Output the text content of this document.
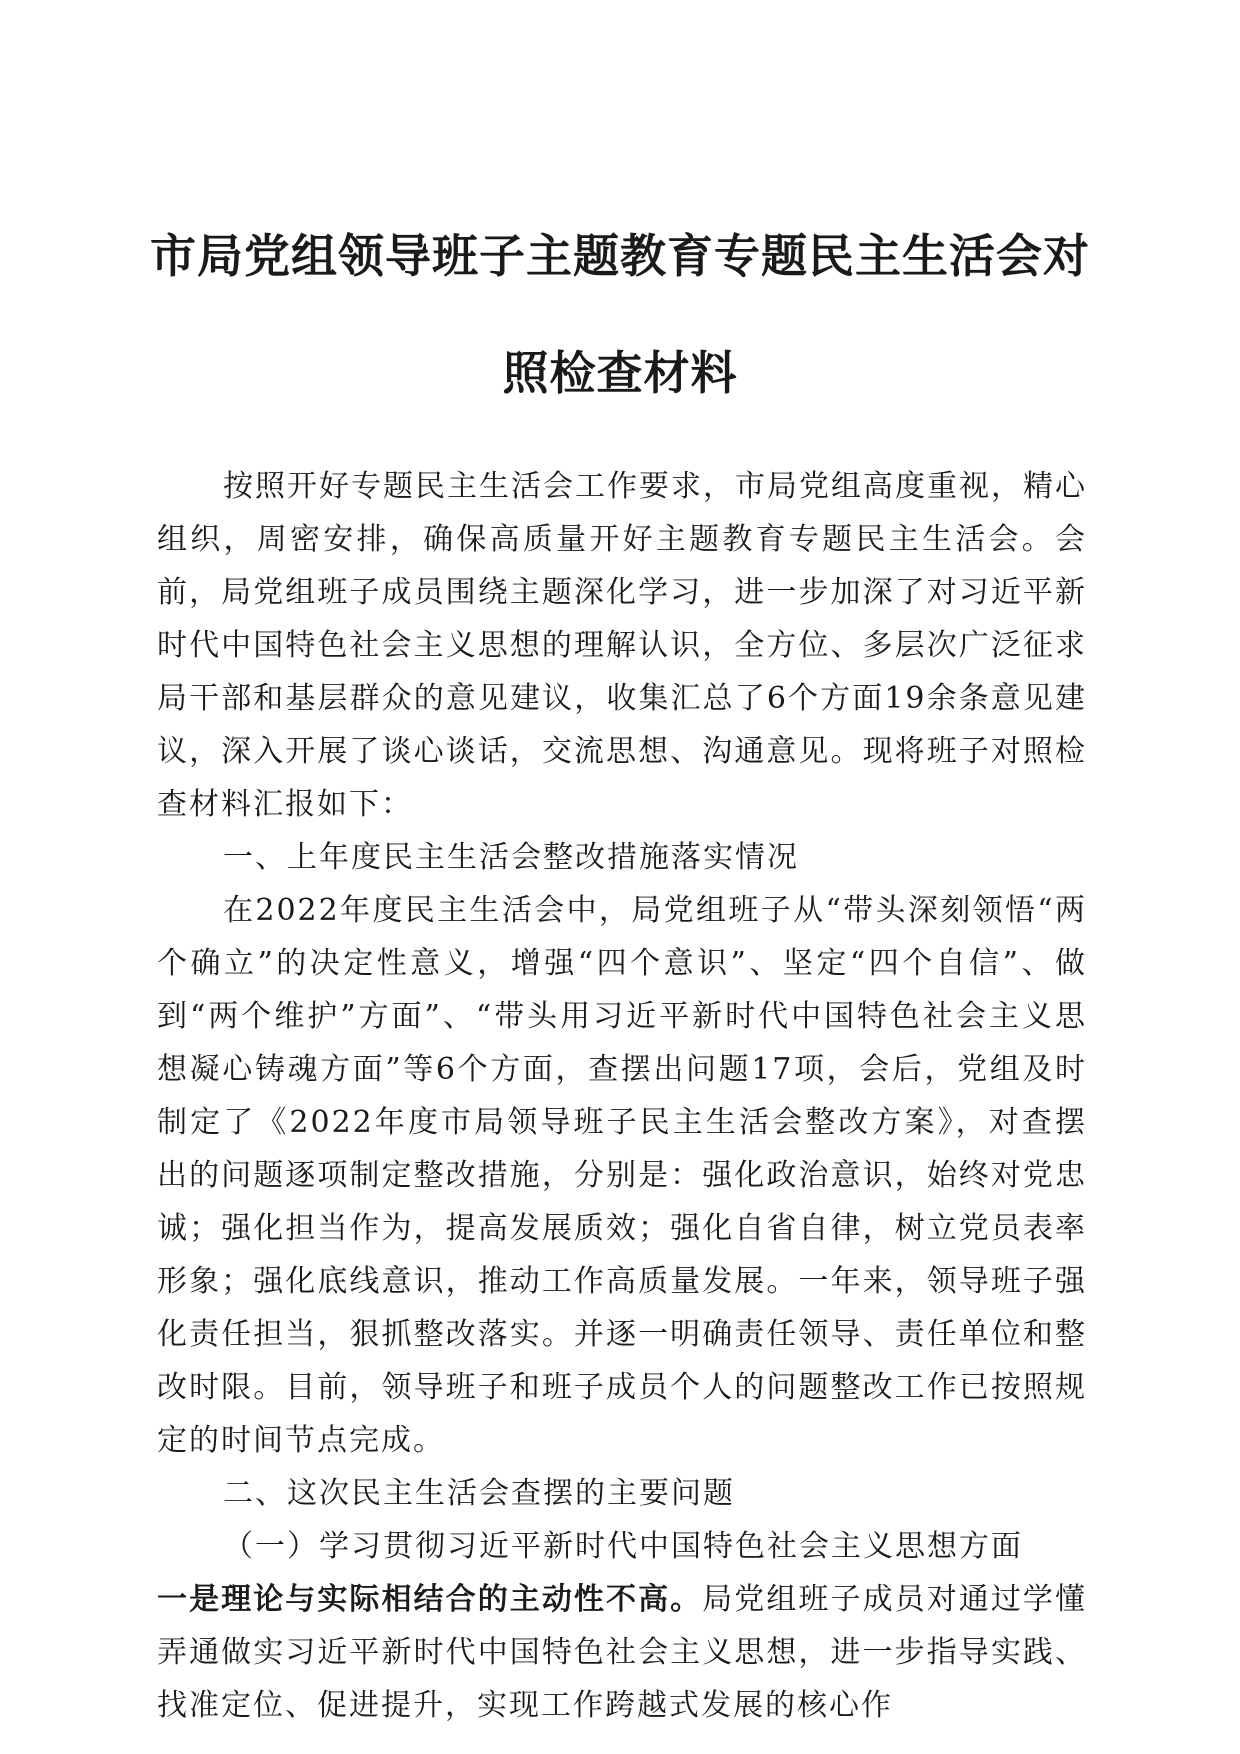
市局党组领导班子主题教育专题民主生活会对
照检查材料

按照开好专题民主生活会工作要求，市局党组高度重视，精心组织，周密安排，确保高质量开好主题教育专题民主生活会。会前，局党组班子成员围绕主题深化学习，进一步加深了对习近平新时代中国特色社会主义思想的理解认识，全方位、多层次广泛征求局干部和基层群众的意见建议，收集汇总了6个方面19余条意见建议，深入开展了谈心谈话，交流思想、沟通意见。现将班子对照检查材料汇报如下：

一、上年度民主生活会整改措施落实情况

在2022年度民主生活会中，局党组班子从“带头深刻领悟“两个确立”的决定性意义，增强“四个意识”、坚定“四个自信”、做到“两个维护”方面”、“带头用习近平新时代中国特色社会主义思想凝心铸魂方面”等6个方面，查摆出问题17项，会后，党组及时制定了《2022年度市局领导班子民主生活会整改方案》，对查摆出的问题逐项制定整改措施，分别是：强化政治意识，始终对党忠诚；强化担当作为，提高发展质效；强化自省自律，树立党员表率形象；强化底线意识，推动工作高质量发展。一年来，领导班子强化责任担当，狠抓整改落实。并逐一明确责任领导、责任单位和整改时限。目前，领导班子和班子成员个人的问题整改工作已按照规定的时间节点完成。

二、这次民主生活会查摆的主要问题

（一）学习贯彻习近平新时代中国特色社会主义思想方面

一是理论与实际相结合的主动性不高。局党组班子成员对通过学懂弄通做实习近平新时代中国特色社会主义思想，进一步指导实践、找准定位、促进提升，实现工作跨越式发展的核心作
